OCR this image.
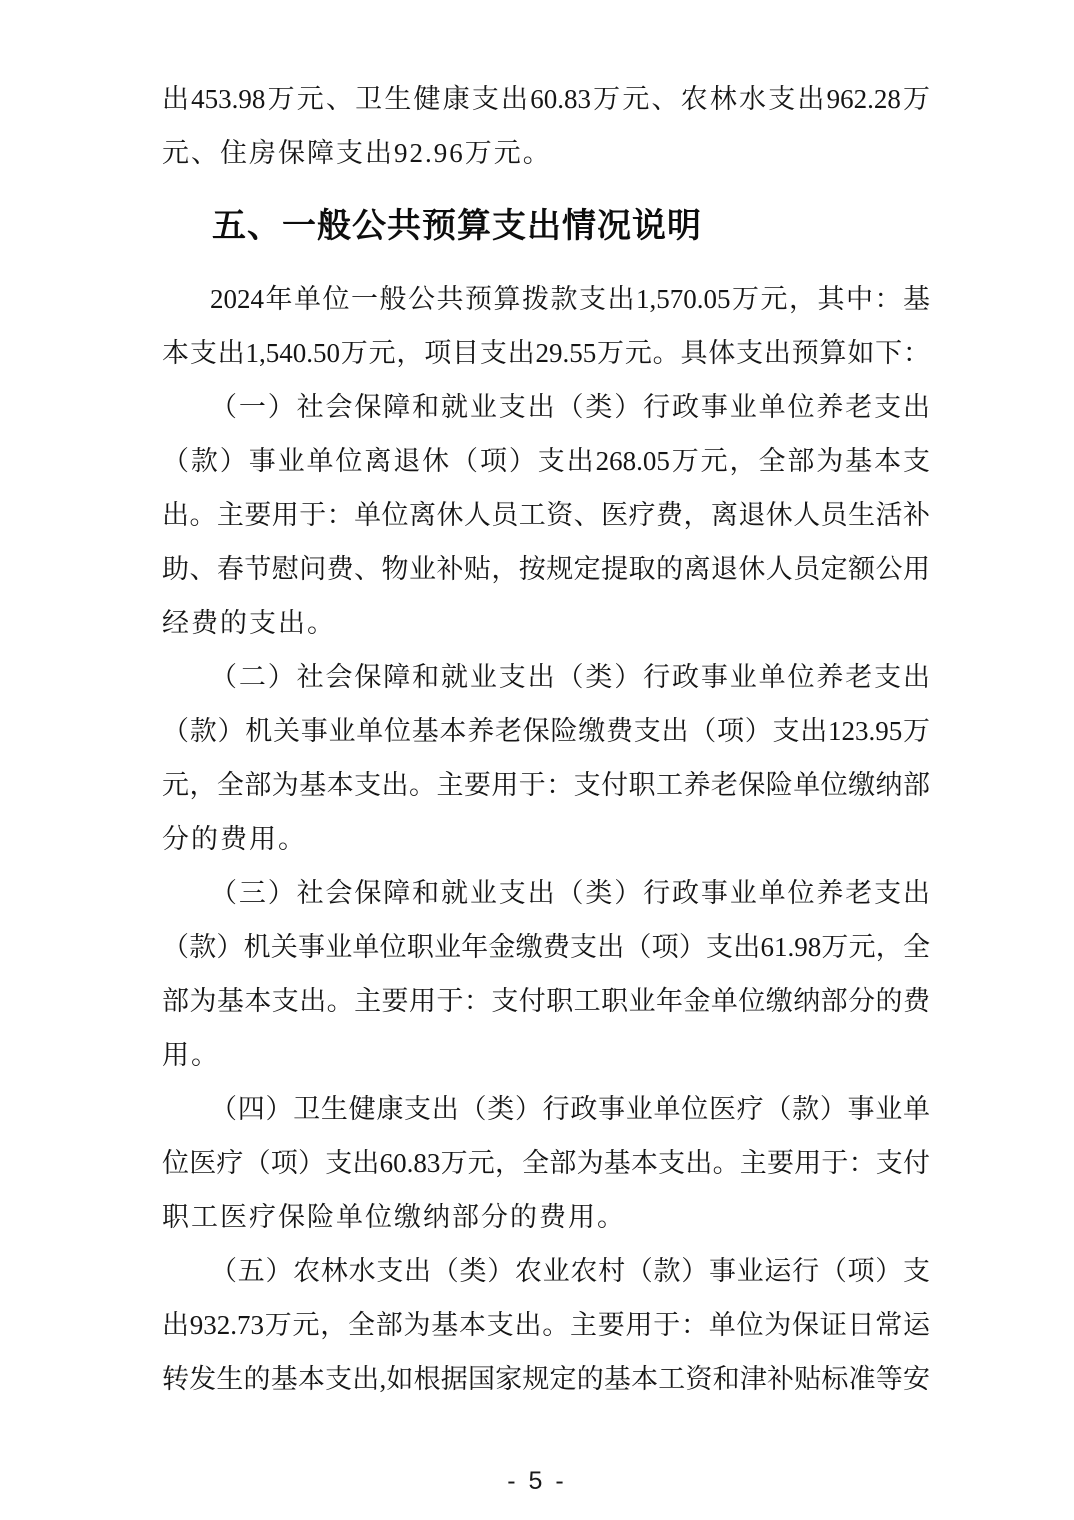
出453.98万元、卫生健康支出60.83万元、农林水支出962.28万
元、住房保障支出92.96万元。
五、一般公共预算支出情况说明
2024年单位一般公共预算拨款支出1,570.05万元，其中：基
本支出1,540.50万元，项目支出29.55万元。具体支出预算如下：
（一）社会保障和就业支出（类）行政事业单位养老支出
（款）事业单位离退休（项）支出268.05万元，全部为基本支
出。主要用于：单位离休人员工资、医疗费，离退休人员生活补
助、春节慰问费、物业补贴，按规定提取的离退休人员定额公用
经费的支出。
（二）社会保障和就业支出（类）行政事业单位养老支出
（款）机关事业单位基本养老保险缴费支出（项）支出123.95万
元，全部为基本支出。主要用于：支付职工养老保险单位缴纳部
分的费用。
（三）社会保障和就业支出（类）行政事业单位养老支出
（款）机关事业单位职业年金缴费支出（项）支出61.98万元，全
部为基本支出。主要用于：支付职工职业年金单位缴纳部分的费
用。
（四）卫生健康支出（类）行政事业单位医疗（款）事业单
位医疗（项）支出60.83万元，全部为基本支出。主要用于：支付
职工医疗保险单位缴纳部分的费用。
（五）农林水支出（类）农业农村（款）事业运行（项）支
出932.73万元，全部为基本支出。主要用于：单位为保证日常运
转发生的基本支出,如根据国家规定的基本工资和津补贴标准等安
- 5 -
